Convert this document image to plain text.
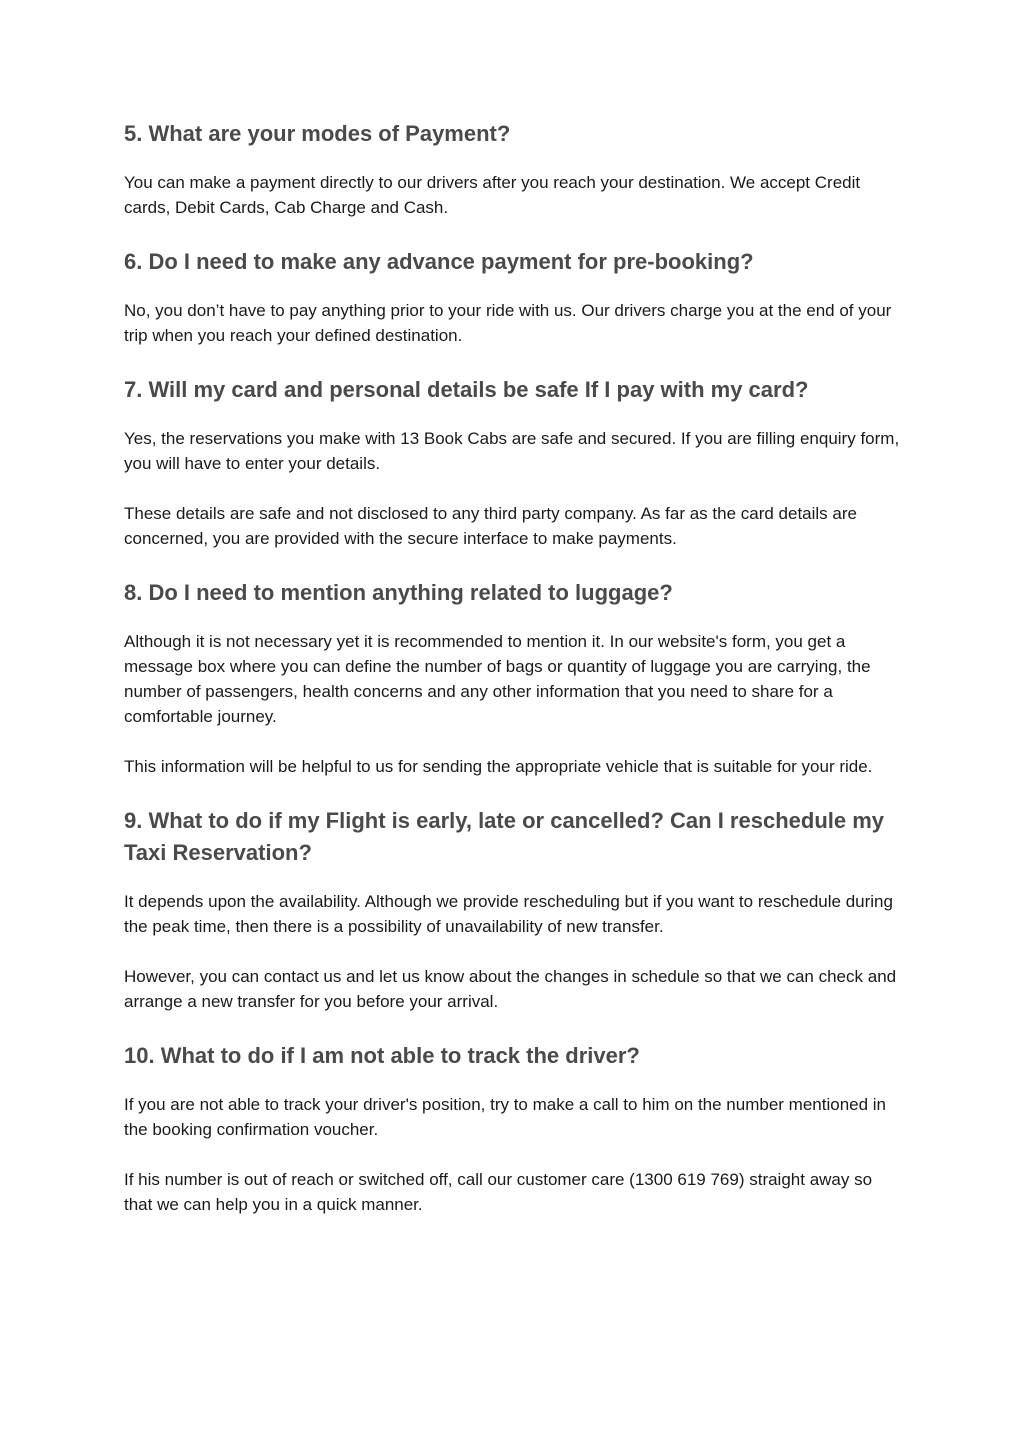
5. What are your modes of Payment?

You can make a payment directly to our drivers after you reach your destination. We accept Credit cards, Debit Cards, Cab Charge and Cash.

6. Do I need to make any advance payment for pre-booking?

No, you don’t have to pay anything prior to your ride with us. Our drivers charge you at the end of your trip when you reach your defined destination.

7. Will my card and personal details be safe If I pay with my card?

Yes, the reservations you make with 13 Book Cabs are safe and secured. If you are filling enquiry form, you will have to enter your details.

These details are safe and not disclosed to any third party company. As far as the card details are concerned, you are provided with the secure interface to make payments.

8. Do I need to mention anything related to luggage?

Although it is not necessary yet it is recommended to mention it. In our website's form, you get a message box where you can define the number of bags or quantity of luggage you are carrying, the number of passengers, health concerns and any other information that you need to share for a comfortable journey.

This information will be helpful to us for sending the appropriate vehicle that is suitable for your ride.

9. What to do if my Flight is early, late or cancelled? Can I reschedule my Taxi Reservation?

It depends upon the availability. Although we provide rescheduling but if you want to reschedule during the peak time, then there is a possibility of unavailability of new transfer.

However, you can contact us and let us know about the changes in schedule so that we can check and arrange a new transfer for you before your arrival.

10. What to do if I am not able to track the driver?

If you are not able to track your driver's position, try to make a call to him on the number mentioned in the booking confirmation voucher.

If his number is out of reach or switched off, call our customer care (1300 619 769) straight away so that we can help you in a quick manner.
